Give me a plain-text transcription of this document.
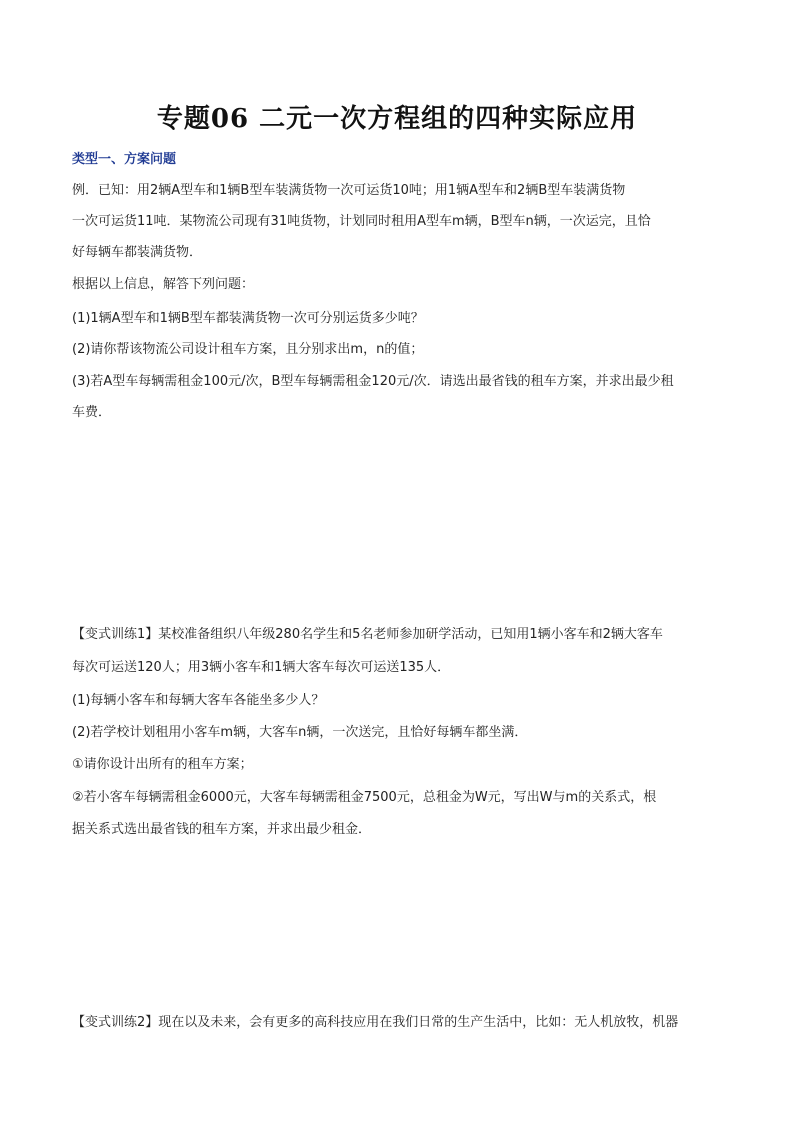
专题06 二元一次方程组的四种实际应用
类型一、方案问题
例．已知：用2辆A型车和1辆B型车装满货物一次可运货10吨；用1辆A型车和2辆B型车装满货物
一次可运货11吨．某物流公司现有31吨货物，计划同时租用A型车m辆，B型车n辆，一次运完，且恰
好每辆车都装满货物．
根据以上信息，解答下列问题：
(1)1辆A型车和1辆B型车都装满货物一次可分别运货多少吨？
(2)请你帮该物流公司设计租车方案，且分别求出m，n的值；
(3)若A型车每辆需租金100元/次，B型车每辆需租金120元/次．请选出最省钱的租车方案，并求出最少租
车费．
【变式训练1】某校准备组织八年级280名学生和5名老师参加研学活动，已知用1辆小客车和2辆大客车
每次可运送120人；用3辆小客车和1辆大客车每次可运送135人．
(1)每辆小客车和每辆大客车各能坐多少人？
(2)若学校计划租用小客车m辆，大客车n辆，一次送完，且恰好每辆车都坐满．
①请你设计出所有的租车方案；
②若小客车每辆需租金6000元，大客车每辆需租金7500元，总租金为W元，写出W与m的关系式，根
据关系式选出最省钱的租车方案，并求出最少租金．
【变式训练2】现在以及未来，会有更多的高科技应用在我们日常的生产生活中，比如：无人机放牧，机器
